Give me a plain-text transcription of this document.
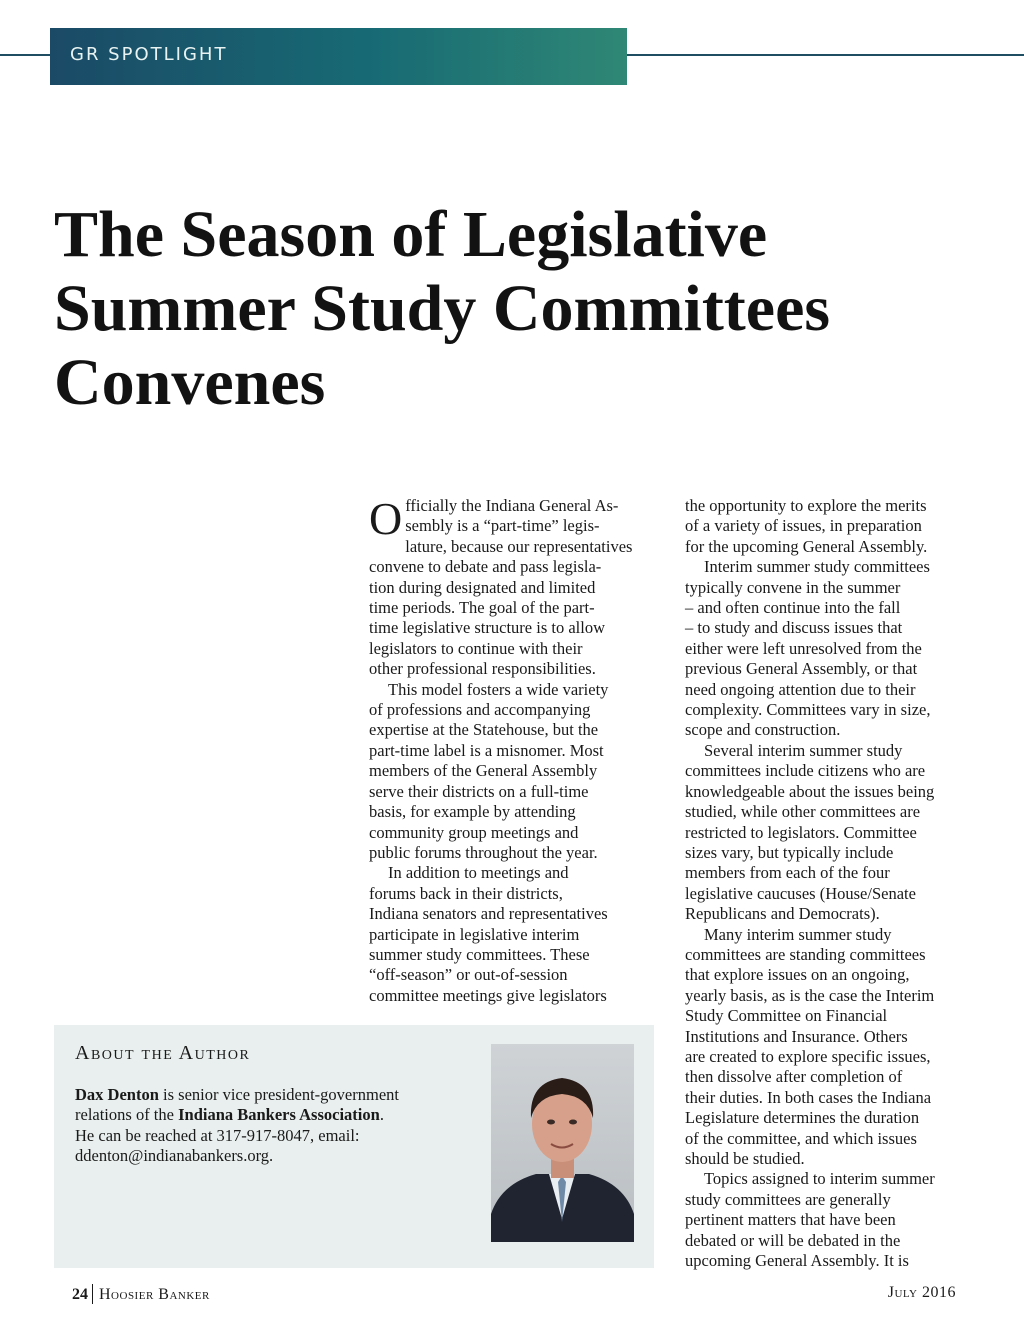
GR SPOTLIGHT
The Season of Legislative
Summer Study Committees
Convenes
O fficially the Indiana General As-
sembly is a “part-time” legis-
lature, because our representatives
convene to debate and pass legisla-
tion during designated and limited
time periods. The goal of the part-
time legislative structure is to allow
legislators to continue with their
other professional responsibilities.
This model fosters a wide variety
of professions and accompanying
expertise at the Statehouse, but the
part-time label is a misnomer. Most
members of the General Assembly
serve their districts on a full-time
basis, for example by attending
community group meetings and
public forums throughout the year.
In addition to meetings and
forums back in their districts,
Indiana senators and representatives
participate in legislative interim
summer study committees. These
“off-season” or out-of-session
committee meetings give legislators
the opportunity to explore the merits
of a variety of issues, in preparation
for the upcoming General Assembly.
Interim summer study committees
typically convene in the summer
– and often continue into the fall
– to study and discuss issues that
either were left unresolved from the
previous General Assembly, or that
need ongoing attention due to their
complexity. Committees vary in size,
scope and construction.
Several interim summer study
committees include citizens who are
knowledgeable about the issues being
studied, while other committees are
restricted to legislators. Committee
sizes vary, but typically include
members from each of the four
legislative caucuses (House/Senate
Republicans and Democrats).
Many interim summer study
committees are standing committees
that explore issues on an ongoing,
yearly basis, as is the case the Interim
Study Committee on Financial
Institutions and Insurance. Others
are created to explore specific issues,
then dissolve after completion of
their duties. In both cases the Indiana
Legislature determines the duration
of the committee, and which issues
should be studied.
Topics assigned to interim summer
study committees are generally
pertinent matters that have been
debated or will be debated in the
upcoming General Assembly. It is
About the Author
Dax Denton is senior vice president-government
relations of the Indiana Bankers Association.
He can be reached at 317-917-8047, email:
ddenton@indianabankers.org.
24 Hoosier Banker	July 2016
